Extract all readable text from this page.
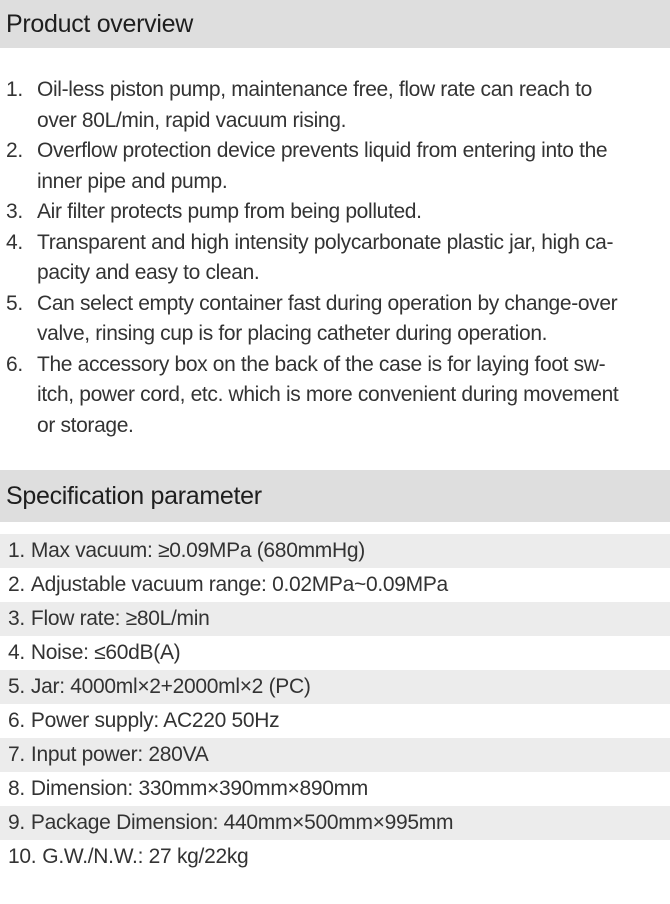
Product overview
1. Oil-less piston pump, maintenance free, flow rate can reach to
over 80L/min, rapid vacuum rising.
2. Overflow protection device prevents liquid from entering into the
inner pipe and pump.
3. Air filter protects pump from being polluted.
4. Transparent and high intensity polycarbonate plastic jar, high ca-
pacity and easy to clean.
5. Can select empty container fast during operation by change-over
valve, rinsing cup is for placing catheter during operation.
6. The accessory box on the back of the case is for laying foot sw-
itch, power cord, etc. which is more convenient during movement
or storage.
Specification parameter
1. Max vacuum: ≥0.09MPa (680mmHg)
2. Adjustable vacuum range: 0.02MPa~0.09MPa
3. Flow rate: ≥80L/min
4. Noise: ≤60dB(A)
5. Jar: 4000ml×2+2000ml×2 (PC)
6. Power supply: AC220 50Hz
7. Input power: 280VA
8. Dimension: 330mm×390mm×890mm
9. Package Dimension: 440mm×500mm×995mm
10. G.W./N.W.: 27 kg/22kg
